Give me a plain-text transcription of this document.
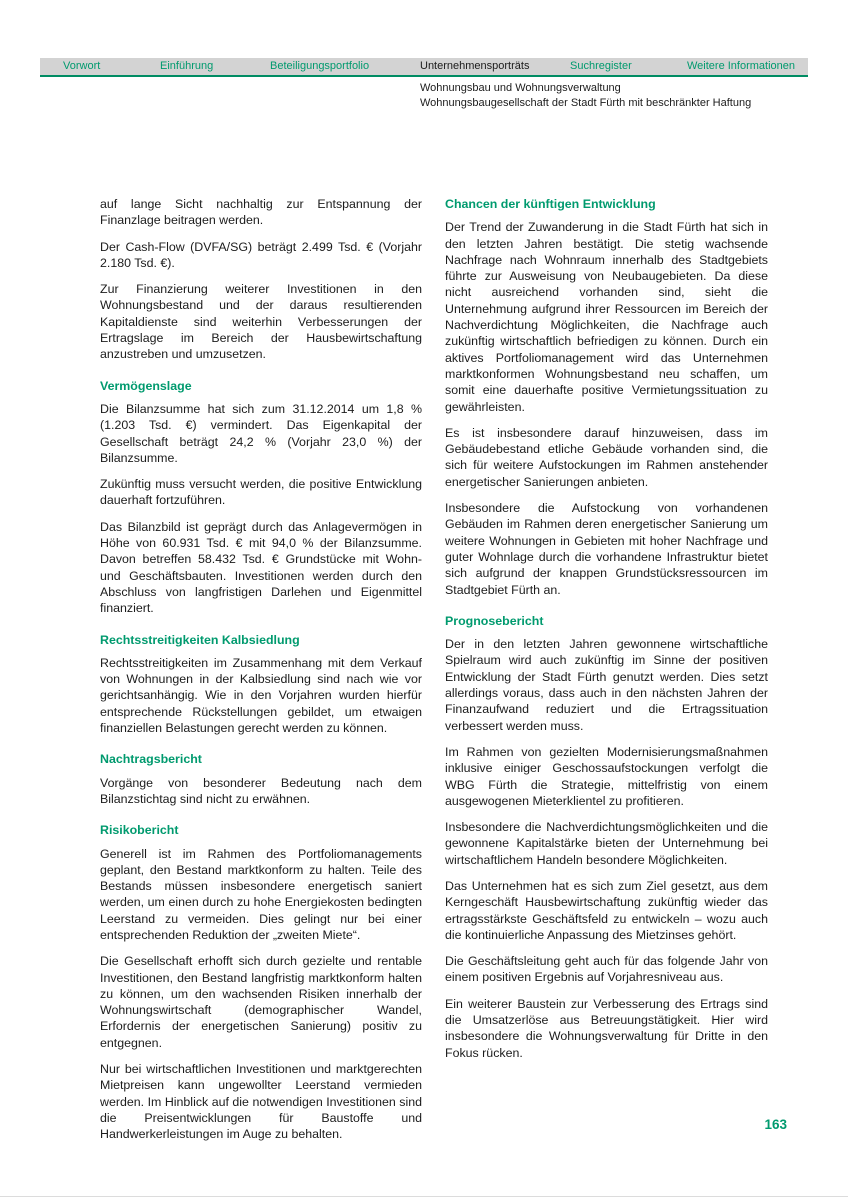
Vorwort	Einführung	Beteiligungsportfolio	Unternehmensporträts	Suchregister	Weitere Informationen
Wohnungsbau und Wohnungsverwaltung
Wohnungsbaugesellschaft der Stadt Fürth mit beschränkter Haftung

auf lange Sicht nachhaltig zur Entspannung der Finanzlage beitragen werden.

Der Cash-Flow (DVFA/SG) beträgt 2.499 Tsd. € (Vorjahr 2.180 Tsd. €).

Zur Finanzierung weiterer Investitionen in den Wohnungsbestand und der daraus resultierenden Kapitaldienste sind weiterhin Verbesserungen der Ertragslage im Bereich der Hausbewirtschaftung anzustreben und umzusetzen.

Vermögenslage

Die Bilanzsumme hat sich zum 31.12.2014 um 1,8 % (1.203 Tsd. €) vermindert. Das Eigenkapital der Gesellschaft beträgt 24,2 % (Vorjahr 23,0 %) der Bilanzsumme.

Zukünftig muss versucht werden, die positive Entwicklung dauerhaft fortzuführen.

Das Bilanzbild ist geprägt durch das Anlagevermögen in Höhe von 60.931 Tsd. € mit 94,0 % der Bilanzsumme. Davon betreffen 58.432 Tsd. € Grundstücke mit Wohn- und Geschäftsbauten. Investitionen werden durch den Abschluss von langfristigen Darlehen und Eigenmittel finanziert.

Rechtsstreitigkeiten Kalbsiedlung

Rechtsstreitigkeiten im Zusammenhang mit dem Verkauf von Wohnungen in der Kalbsiedlung sind nach wie vor gerichtsanhängig. Wie in den Vorjahren wurden hierfür entsprechende Rückstellungen gebildet, um etwaigen finanziellen Belastungen gerecht werden zu können.

Nachtragsbericht

Vorgänge von besonderer Bedeutung nach dem Bilanzstichtag sind nicht zu erwähnen.

Risikobericht

Generell ist im Rahmen des Portfoliomanagements geplant, den Bestand marktkonform zu halten. Teile des Bestands müssen insbesondere energetisch saniert werden, um einen durch zu hohe Energiekosten bedingten Leerstand zu vermeiden. Dies gelingt nur bei einer entsprechenden Reduktion der „zweiten Miete“.

Die Gesellschaft erhofft sich durch gezielte und rentable Investitionen, den Bestand langfristig marktkonform halten zu können, um den wachsenden Risiken innerhalb der Wohnungswirtschaft (demographischer Wandel, Erfordernis der energetischen Sanierung) positiv zu entgegnen.

Nur bei wirtschaftlichen Investitionen und marktgerechten Mietpreisen kann ungewollter Leerstand vermieden werden. Im Hinblick auf die notwendigen Investitionen sind die Preisentwicklungen für Baustoffe und Handwerkerleistungen im Auge zu behalten.

Chancen der künftigen Entwicklung

Der Trend der Zuwanderung in die Stadt Fürth hat sich in den letzten Jahren bestätigt. Die stetig wachsende Nachfrage nach Wohnraum innerhalb des Stadtgebiets führte zur Ausweisung von Neubaugebieten. Da diese nicht ausreichend vorhanden sind, sieht die Unternehmung aufgrund ihrer Ressourcen im Bereich der Nachverdichtung Möglichkeiten, die Nachfrage auch zukünftig wirtschaftlich befriedigen zu können. Durch ein aktives Portfoliomanagement wird das Unternehmen marktkonformen Wohnungsbestand neu schaffen, um somit eine dauerhafte positive Vermietungssituation zu gewährleisten.

Es ist insbesondere darauf hinzuweisen, dass im Gebäudebestand etliche Gebäude vorhanden sind, die sich für weitere Aufstockungen im Rahmen anstehender energetischer Sanierungen anbieten.

Insbesondere die Aufstockung von vorhandenen Gebäuden im Rahmen deren energetischer Sanierung um weitere Wohnungen in Gebieten mit hoher Nachfrage und guter Wohnlage durch die vorhandene Infrastruktur bietet sich aufgrund der knappen Grundstücksressourcen im Stadtgebiet Fürth an.

Prognosebericht

Der in den letzten Jahren gewonnene wirtschaftliche Spielraum wird auch zukünftig im Sinne der positiven Entwicklung der Stadt Fürth genutzt werden. Dies setzt allerdings voraus, dass auch in den nächsten Jahren der Finanzaufwand reduziert und die Ertragssituation verbessert werden muss.

Im Rahmen von gezielten Modernisierungsmaßnahmen inklusive einiger Geschossaufstockungen verfolgt die WBG Fürth die Strategie, mittelfristig von einem ausgewogenen Mieterklientel zu profitieren.

Insbesondere die Nachverdichtungsmöglichkeiten und die gewonnene Kapitalstärke bieten der Unternehmung bei wirtschaftlichem Handeln besondere Möglichkeiten.

Das Unternehmen hat es sich zum Ziel gesetzt, aus dem Kerngeschäft Hausbewirtschaftung zukünftig wieder das ertragsstärkste Geschäftsfeld zu entwickeln – wozu auch die kontinuierliche Anpassung des Mietzinses gehört.

Die Geschäftsleitung geht auch für das folgende Jahr von einem positiven Ergebnis auf Vorjahresniveau aus.

Ein weiterer Baustein zur Verbesserung des Ertrags sind die Umsatzerlöse aus Betreuungstätigkeit. Hier wird insbesondere die Wohnungsverwaltung für Dritte in den Fokus rücken.

163
